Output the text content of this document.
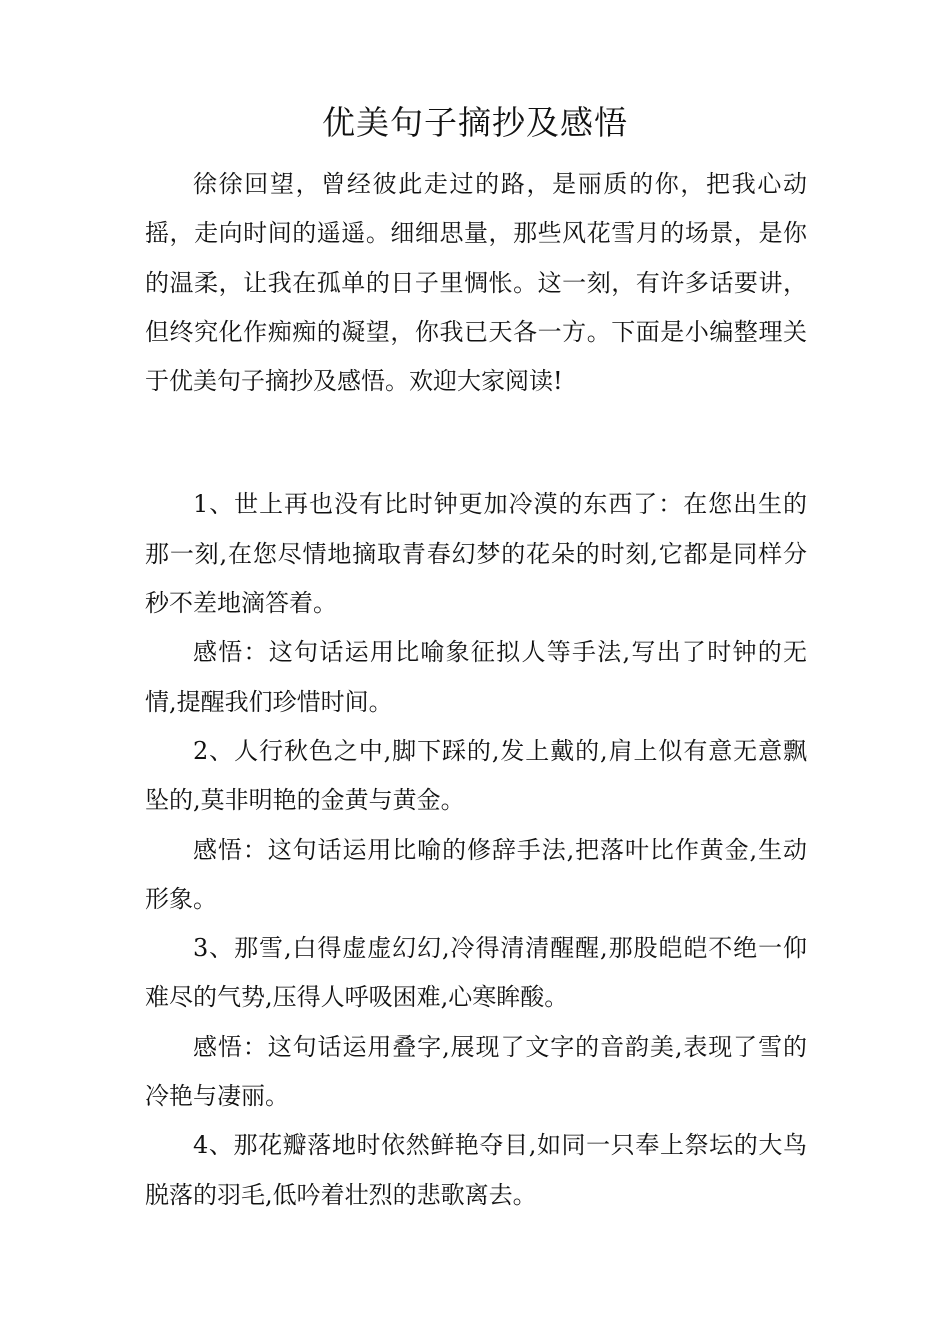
优美句子摘抄及感悟

徐徐回望，曾经彼此走过的路，是丽质的你，把我心动摇，走向时间的遥遥。细细思量，那些风花雪月的场景，是你的温柔，让我在孤单的日子里惆怅。这一刻，有许多话要讲，但终究化作痴痴的凝望，你我已天各一方。下面是小编整理关于优美句子摘抄及感悟。欢迎大家阅读!

1、世上再也没有比时钟更加冷漠的东西了：在您出生的那一刻,在您尽情地摘取青春幻梦的花朵的时刻,它都是同样分秒不差地滴答着。

感悟：这句话运用比喻象征拟人等手法,写出了时钟的无情,提醒我们珍惜时间。

2、人行秋色之中,脚下踩的,发上戴的,肩上似有意无意飘坠的,莫非明艳的金黄与黄金。

感悟：这句话运用比喻的修辞手法,把落叶比作黄金,生动形象。

3、那雪,白得虚虚幻幻,冷得清清醒醒,那股皑皑不绝一仰难尽的气势,压得人呼吸困难,心寒眸酸。

感悟：这句话运用叠字,展现了文字的音韵美,表现了雪的冷艳与凄丽。

4、那花瓣落地时依然鲜艳夺目,如同一只奉上祭坛的大鸟脱落的羽毛,低吟着壮烈的悲歌离去。
